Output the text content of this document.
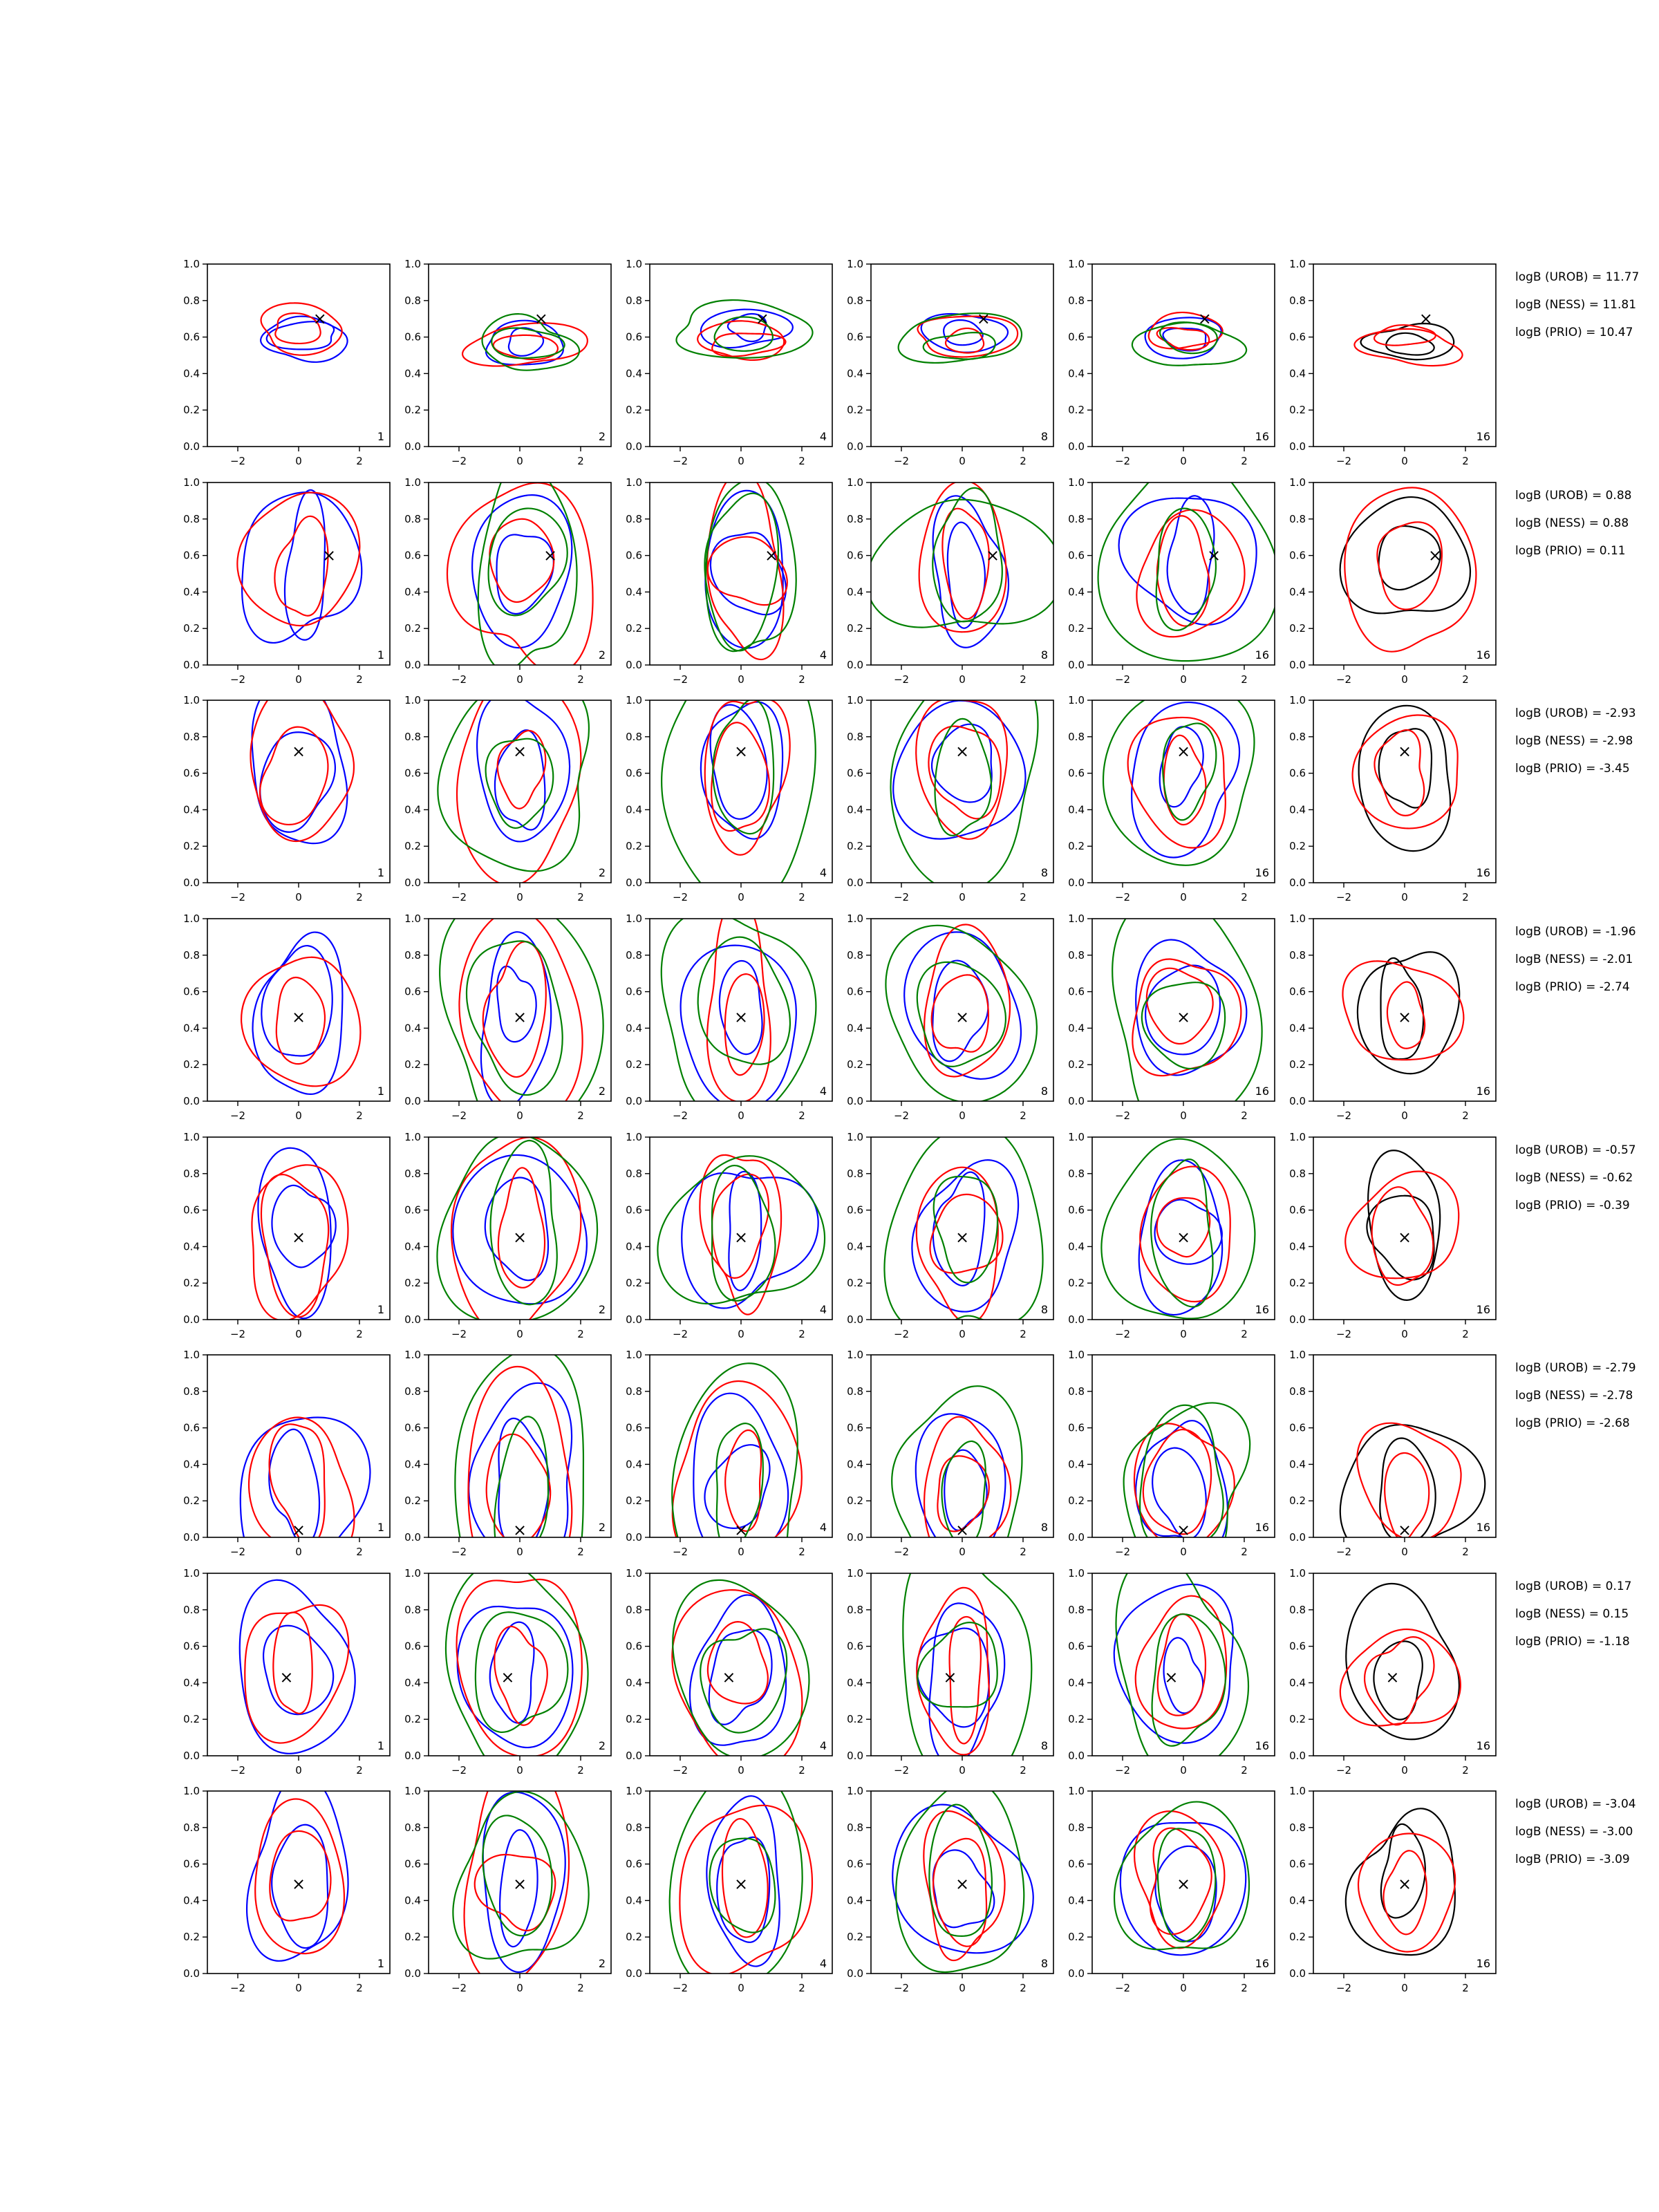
−2	0	2
0.0
0.2
0.4
0.6
0.8
1.0
×
1
−2	0	2
0.0
0.2
0.4
0.6
0.8
1.0
×
2
−2	0	2
0.0
0.2
0.4
0.6
0.8
1.0
×
4
−2	0	2
0.0
0.2
0.4
0.6
0.8
1.0
×
8
−2	0	2
0.0
0.2
0.4
0.6
0.8
1.0
×
16
−2	0	2
0.0
0.2
0.4
0.6
0.8
1.0
×
16
logB (UROB) = 11.77
logB (NESS) = 11.81
logB (PRIO) = 10.47
−2	0	2
0.0
0.2
0.4
0.6
0.8
1.0
×
1
−2	0	2
0.0
0.2
0.4
0.6
0.8
1.0
×
2
−2	0	2
0.0
0.2
0.4
0.6
0.8
1.0
×
4
−2	0	2
0.0
0.2
0.4
0.6
0.8
1.0
×
8
−2	0	2
0.0
0.2
0.4
0.6
0.8
1.0
×
16
−2	0	2
0.0
0.2
0.4
0.6
0.8
1.0
×
16
logB (UROB) = 0.88
logB (NESS) = 0.88
logB (PRIO) = 0.11
−2	0	2
0.0
0.2
0.4
0.6
0.8
1.0
×
1
−2	0	2
0.0
0.2
0.4
0.6
0.8
1.0
×
2
−2	0	2
0.0
0.2
0.4
0.6
0.8
1.0
×
4
−2	0	2
0.0
0.2
0.4
0.6
0.8
1.0
×
8
−2	0	2
0.0
0.2
0.4
0.6
0.8
1.0
×
16
−2	0	2
0.0
0.2
0.4
0.6
0.8
1.0
×
16
logB (UROB) = -2.93
logB (NESS) = -2.98
logB (PRIO) = -3.45
−2	0	2
0.0
0.2
0.4
0.6
0.8
1.0
×
1
−2	0	2
0.0
0.2
0.4
0.6
0.8
1.0
×
2
−2	0	2
0.0
0.2
0.4
0.6
0.8
1.0
×
4
−2	0	2
0.0
0.2
0.4
0.6
0.8
1.0
×
8
−2	0	2
0.0
0.2
0.4
0.6
0.8
1.0
×
16
−2	0	2
0.0
0.2
0.4
0.6
0.8
1.0
×
16
logB (UROB) = -1.96
logB (NESS) = -2.01
logB (PRIO) = -2.74
−2	0	2
0.0
0.2
0.4
0.6
0.8
1.0
×
1
−2	0	2
0.0
0.2
0.4
0.6
0.8
1.0
×
2
−2	0	2
0.0
0.2
0.4
0.6
0.8
1.0
×
4
−2	0	2
0.0
0.2
0.4
0.6
0.8
1.0
×
8
−2	0	2
0.0
0.2
0.4
0.6
0.8
1.0
×
16
−2	0	2
0.0
0.2
0.4
0.6
0.8
1.0
×
16
logB (UROB) = -0.57
logB (NESS) = -0.62
logB (PRIO) = -0.39
−2	0	2
0.0
0.2
0.4
0.6
0.8
1.0
×	1
−2	0	2
0.0
0.2
0.4
0.6
0.8
1.0
×	2
−2	0	2
0.0
0.2
0.4
0.6
0.8
1.0
×	4
−2	0	2
0.0
0.2
0.4
0.6
0.8
1.0
×	8
−2	0	2
0.0
0.2
0.4
0.6
0.8
1.0
×	16
−2	0	2
0.0
0.2
0.4
0.6
0.8
1.0
×	16
logB (UROB) = -2.79
logB (NESS) = -2.78
logB (PRIO) = -2.68
−2	0	2
0.0
0.2
0.4
0.6
0.8
1.0
×
1
−2	0	2
0.0
0.2
0.4
0.6
0.8
1.0
×
2
−2	0	2
0.0
0.2
0.4
0.6
0.8
1.0
×
4
−2	0	2
0.0
0.2
0.4
0.6
0.8
1.0
×
8
−2	0	2
0.0
0.2
0.4
0.6
0.8
1.0
×
16
−2	0	2
0.0
0.2
0.4
0.6
0.8
1.0
×
16
logB (UROB) = 0.17
logB (NESS) = 0.15
logB (PRIO) = -1.18
−2	0	2
0.0
0.2
0.4
0.6
0.8
1.0
×
1
−2	0	2
0.0
0.2
0.4
0.6
0.8
1.0
×
2
−2	0	2
0.0
0.2
0.4
0.6
0.8
1.0
×
4
−2	0	2
0.0
0.2
0.4
0.6
0.8
1.0
×
8
−2	0	2
0.0
0.2
0.4
0.6
0.8
1.0
×
16
−2	0	2
0.0
0.2
0.4
0.6
0.8
1.0
×
16
logB (UROB) = -3.04
logB (NESS) = -3.00
logB (PRIO) = -3.09
